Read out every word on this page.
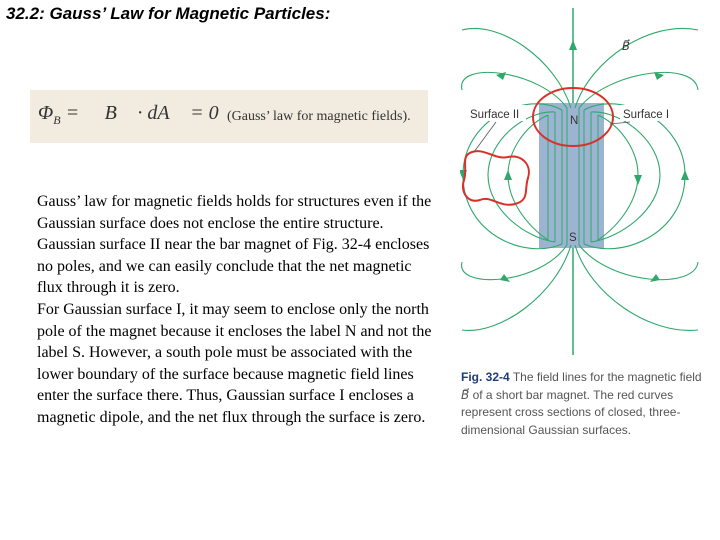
32.2: Gauss’ Law for Magnetic Particles:
$\Phi_B$ = ∮ B⃗ · dA⃗ = 0 (Gauss’ law for magnetic fields).

Gauss’ law for magnetic fields holds for structures even if the Gaussian surface does not enclose the entire structure. Gaussian surface II near the bar magnet of Fig. 32-4 encloses no poles, and we can easily conclude that the net magnetic flux through it is zero.

For Gaussian surface I, it may seem to enclose only the north pole of the magnet because it encloses the label N and not the label S. However, a south pole must be associated with the lower boundary of the surface because magnetic field lines enter the surface there. Thus, Gaussian surface I encloses a magnetic dipole, and the net flux through the surface is zero.

Surface II	Surface I
N
S
B⃗
Fig. 32-4 The field lines for the magnetic field B⃗ of a short bar magnet. The red curves represent cross sections of closed, three-dimensional Gaussian surfaces.
